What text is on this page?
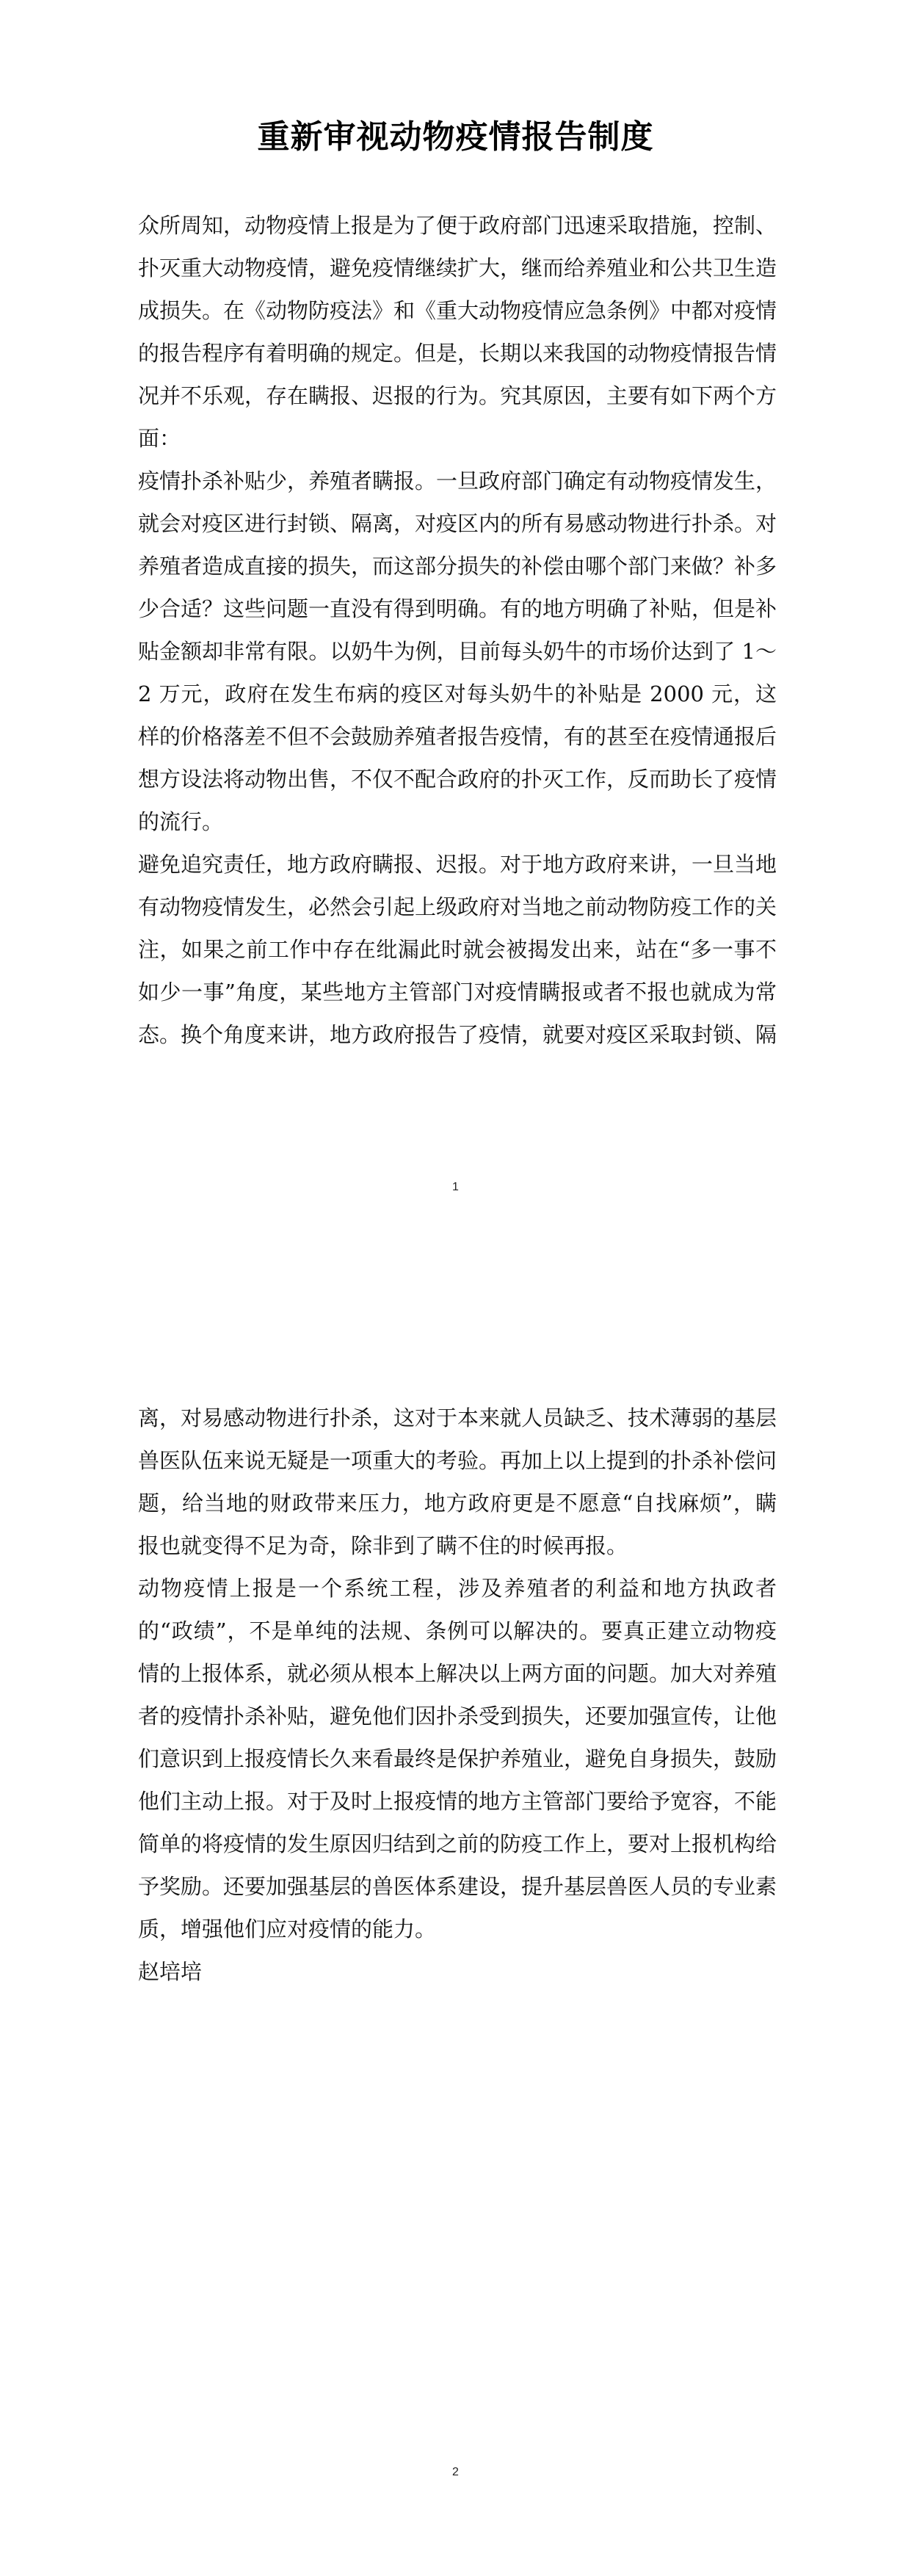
重新审视动物疫情报告制度

众所周知，动物疫情上报是为了便于政府部门迅速采取措施，控制、扑灭重大动物疫情，避免疫情继续扩大，继而给养殖业和公共卫生造成损失。在《动物防疫法》和《重大动物疫情应急条例》中都对疫情的报告程序有着明确的规定。但是，长期以来我国的动物疫情报告情况并不乐观，存在瞒报、迟报的行为。究其原因，主要有如下两个方面：

疫情扑杀补贴少，养殖者瞒报。一旦政府部门确定有动物疫情发生，就会对疫区进行封锁、隔离，对疫区内的所有易感动物进行扑杀。对养殖者造成直接的损失，而这部分损失的补偿由哪个部门来做？补多少合适？这些问题一直没有得到明确。有的地方明确了补贴，但是补贴金额却非常有限。以奶牛为例，目前每头奶牛的市场价达到了 1～2 万元，政府在发生布病的疫区对每头奶牛的补贴是 2000 元，这样的价格落差不但不会鼓励养殖者报告疫情，有的甚至在疫情通报后想方设法将动物出售，不仅不配合政府的扑灭工作，反而助长了疫情的流行。

避免追究责任，地方政府瞒报、迟报。对于地方政府来讲，一旦当地有动物疫情发生，必然会引起上级政府对当地之前动物防疫工作的关注，如果之前工作中存在纰漏此时就会被揭发出来，站在“多一事不如少一事”角度，某些地方主管部门对疫情瞒报或者不报也就成为常态。换个角度来讲，地方政府报告了疫情，就要对疫区采取封锁、隔

1

离，对易感动物进行扑杀，这对于本来就人员缺乏、技术薄弱的基层兽医队伍来说无疑是一项重大的考验。再加上以上提到的扑杀补偿问题，给当地的财政带来压力，地方政府更是不愿意“自找麻烦”，瞒报也就变得不足为奇，除非到了瞒不住的时候再报。

动物疫情上报是一个系统工程，涉及养殖者的利益和地方执政者的“政绩”，不是单纯的法规、条例可以解决的。要真正建立动物疫情的上报体系，就必须从根本上解决以上两方面的问题。加大对养殖者的疫情扑杀补贴，避免他们因扑杀受到损失，还要加强宣传，让他们意识到上报疫情长久来看最终是保护养殖业，避免自身损失，鼓励他们主动上报。对于及时上报疫情的地方主管部门要给予宽容，不能简单的将疫情的发生原因归结到之前的防疫工作上，要对上报机构给予奖励。还要加强基层的兽医体系建设，提升基层兽医人员的专业素质，增强他们应对疫情的能力。

赵培培

2
